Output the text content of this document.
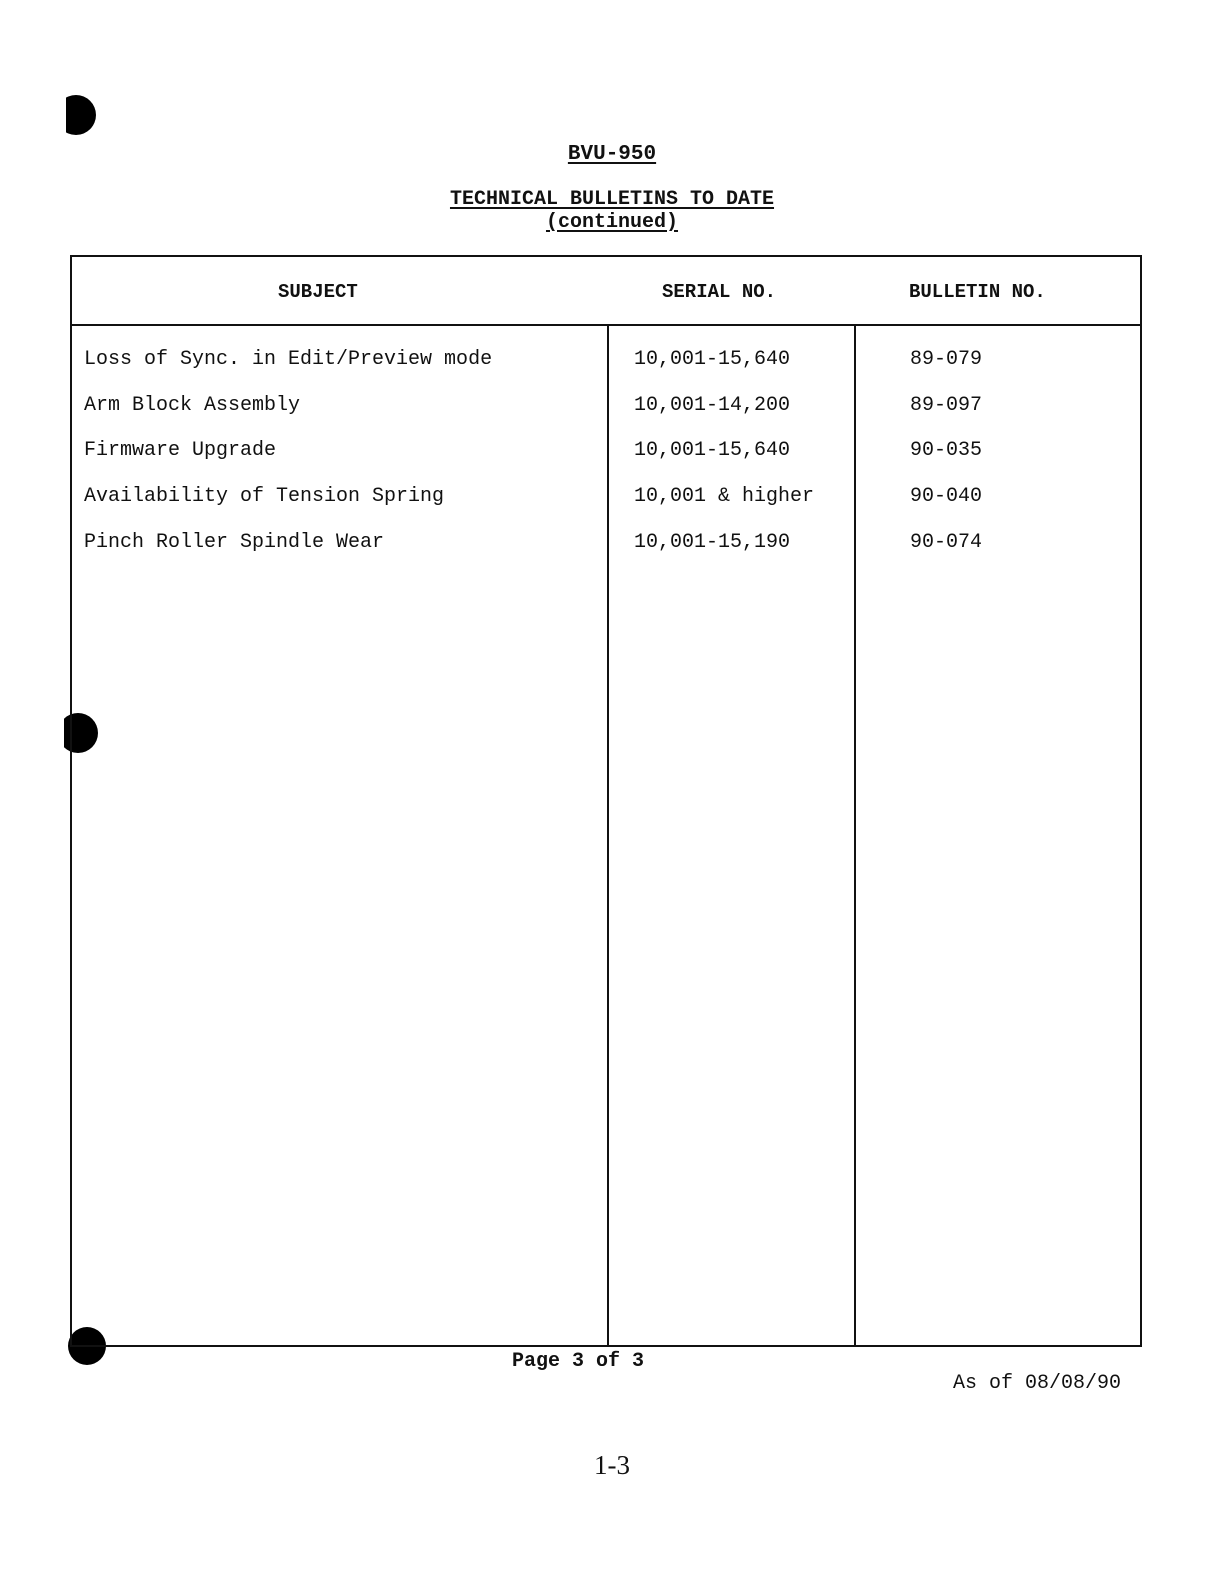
BVU-950
TECHNICAL BULLETINS TO DATE
(continued)
SUBJECT	SERIAL NO.	BULLETIN NO.
Loss of Sync. in Edit/Preview mode	10,001-15,640	89-079
Arm Block Assembly	10,001-14,200	89-097
Firmware Upgrade	10,001-15,640	90-035
Availability of Tension Spring	10,001 & higher	90-040
Pinch Roller Spindle Wear	10,001-15,190	90-074
Page 3 of 3
As of 08/08/90
1-3
